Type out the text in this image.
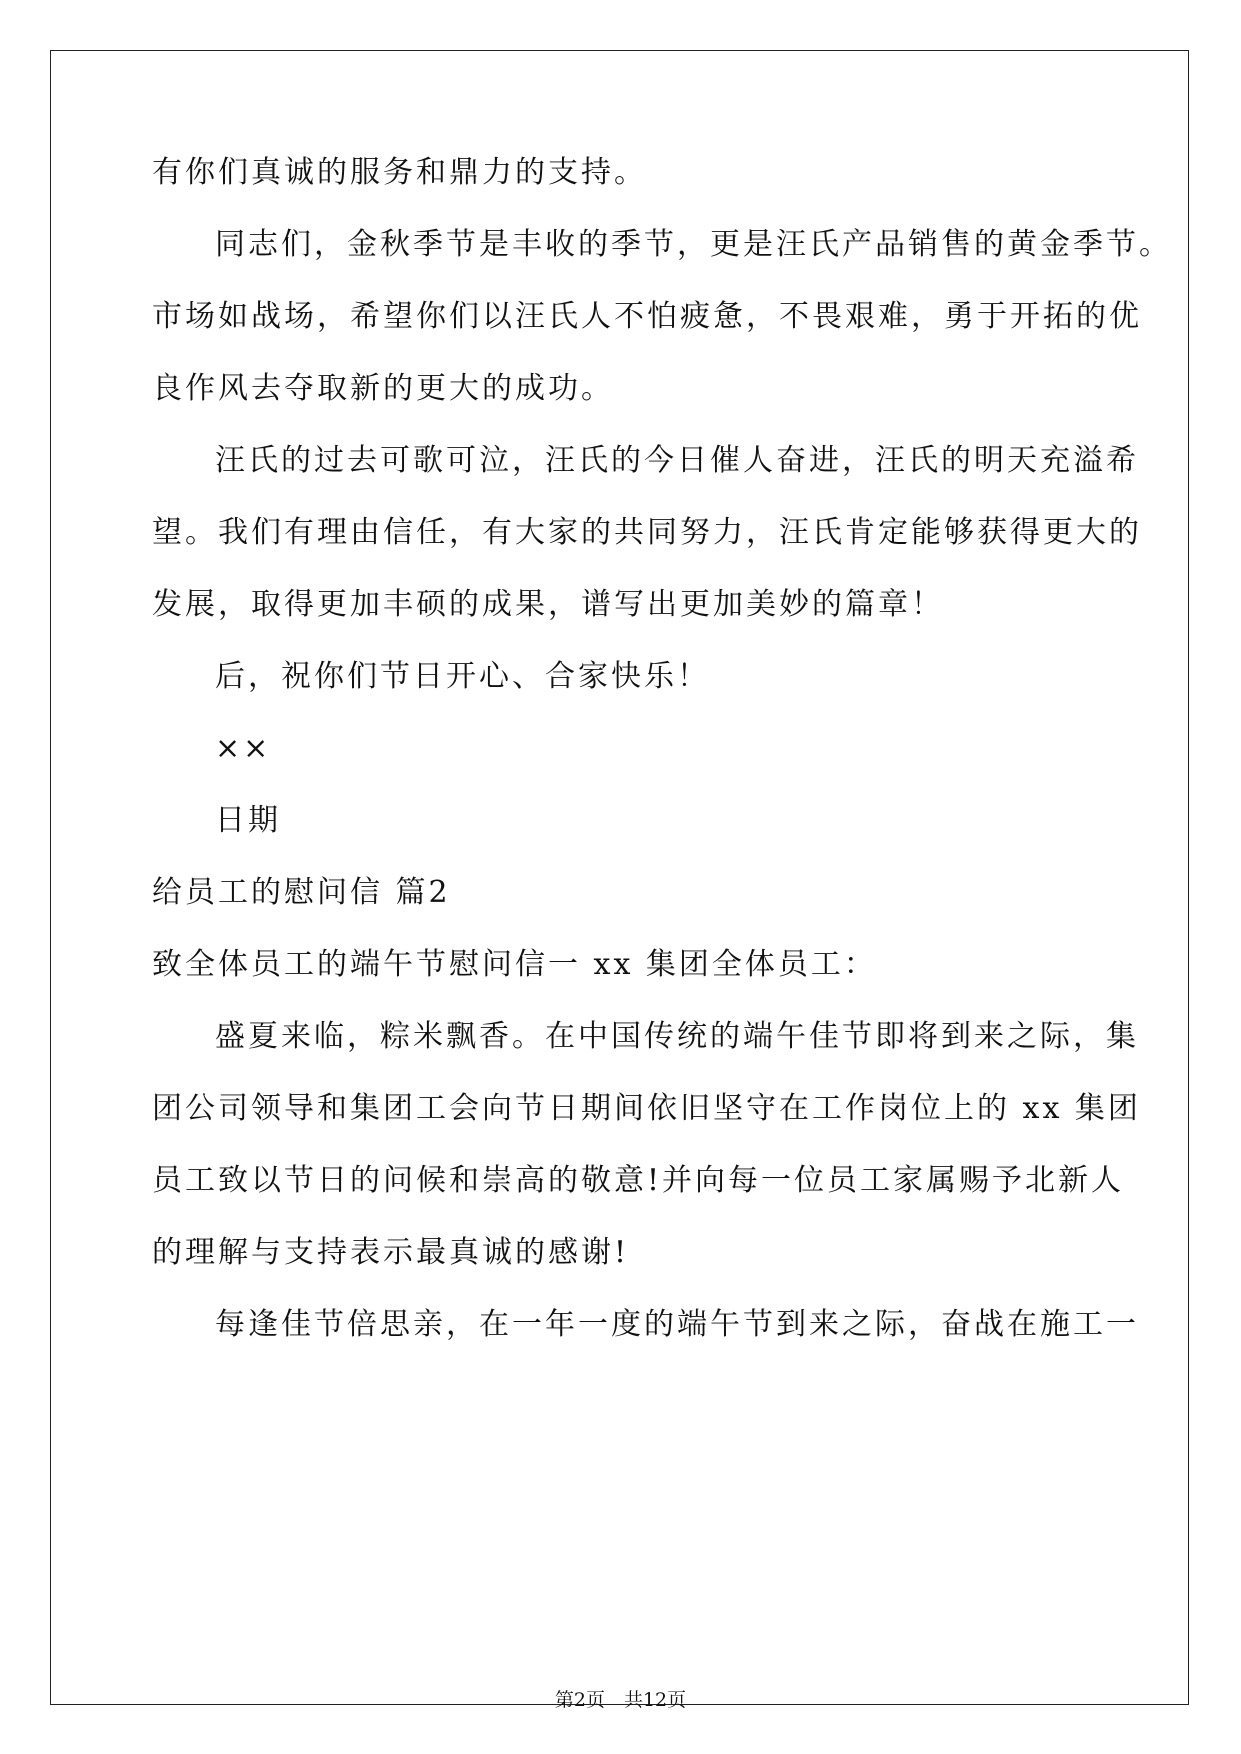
有你们真诚的服务和鼎力的支持。
同志们，金秋季节是丰收的季节，更是汪氏产品销售的黄金季节。
市场如战场，希望你们以汪氏人不怕疲惫，不畏艰难，勇于开拓的优
良作风去夺取新的更大的成功。
汪氏的过去可歌可泣，汪氏的今日催人奋进，汪氏的明天充溢希
望。我们有理由信任，有大家的共同努力，汪氏肯定能够获得更大的
发展，取得更加丰硕的成果，谱写出更加美妙的篇章！
后，祝你们节日开心、合家快乐！
××
日期
给员工的慰问信 篇2
致全体员工的端午节慰问信一 xx 集团全体员工：
盛夏来临，粽米飘香。在中国传统的端午佳节即将到来之际，集
团公司领导和集团工会向节日期间依旧坚守在工作岗位上的 xx 集团
员工致以节日的问候和崇高的敬意!并向每一位员工家属赐予北新人
的理解与支持表示最真诚的感谢!
每逢佳节倍思亲，在一年一度的端午节到来之际，奋战在施工一
第2页　共12页
